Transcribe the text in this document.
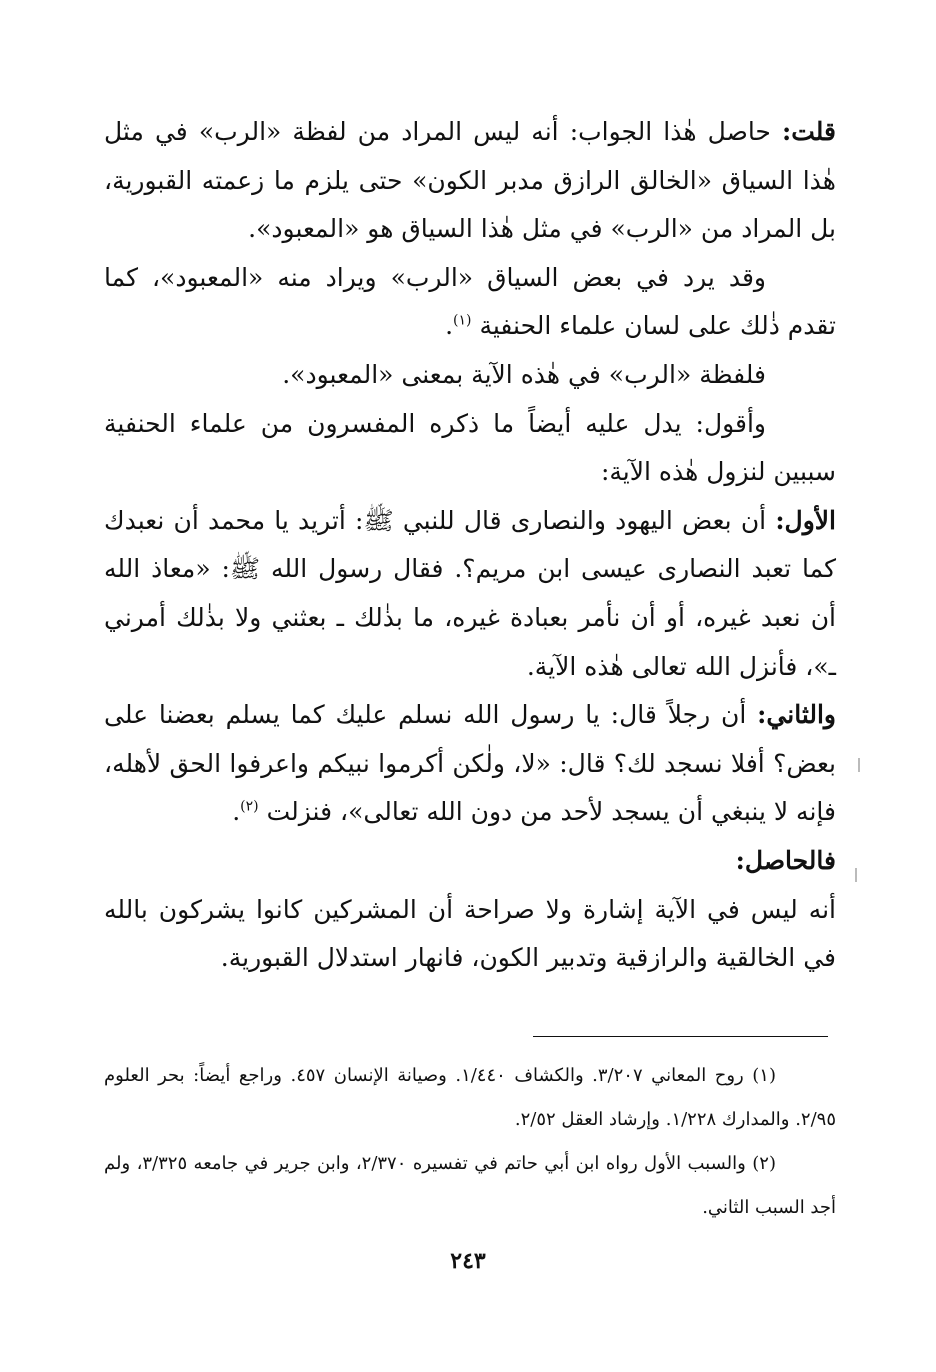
قلت: حاصل هٰذا الجواب: أنه ليس المراد من لفظة «الرب» في مثل هٰذا السياق «الخالق الرازق مدبر الكون» حتى يلزم ما زعمته القبورية، بل المراد من «الرب» في مثل هٰذا السياق هو «المعبود».

وقد يرد في بعض السياق «الرب» ويراد منه «المعبود»، كما تقدم ذٰلك على لسان علماء الحنفية $^{(١)}$.

فلفظة «الرب» في هٰذه الآية بمعنى «المعبود».

وأقول: يدل عليه أيضاً ما ذكره المفسرون من علماء الحنفية سببين لنزول هٰذه الآية:

الأول: أن بعض اليهود والنصارى قال للنبي ﷺ: أتريد يا محمد أن نعبدك كما تعبد النصارى عيسى ابن مريم؟. فقال رسول الله ﷺ: «معاذ الله أن نعبد غيره، أو أن نأمر بعبادة غيره، ما بذٰلك ـ بعثني ولا بذٰلك أمرني ـ»، فأنزل الله تعالى هٰذه الآية.

والثاني: أن رجلاً قال: يا رسول الله نسلم عليك كما يسلم بعضنا على بعض؟ أفلا نسجد لك؟ قال: «لا، ولٰكن أكرموا نبيكم واعرفوا الحق لأهله، فإنه لا ينبغي أن يسجد لأحد من دون الله تعالى»، فنزلت $^{(٢)}$.

فالحاصل:

أنه ليس في الآية إشارة ولا صراحة أن المشركين كانوا يشركون بالله في الخالقية والرازقية وتدبير الكون، فانهار استدلال القبورية.

(١) روح المعاني ٣/٢٠٧. والكشاف ١/٤٤٠. وصيانة الإنسان ٤٥٧. وراجع أيضاً: بحر العلوم ٢/٩٥. والمدارك ١/٢٢٨. وإرشاد العقل ٢/٥٢.

(٢) والسبب الأول رواه ابن أبي حاتم في تفسيره ٢/٣٧٠، وابن جرير في جامعه ٣/٣٢٥، ولم أجد السبب الثاني.

٢٤٣
